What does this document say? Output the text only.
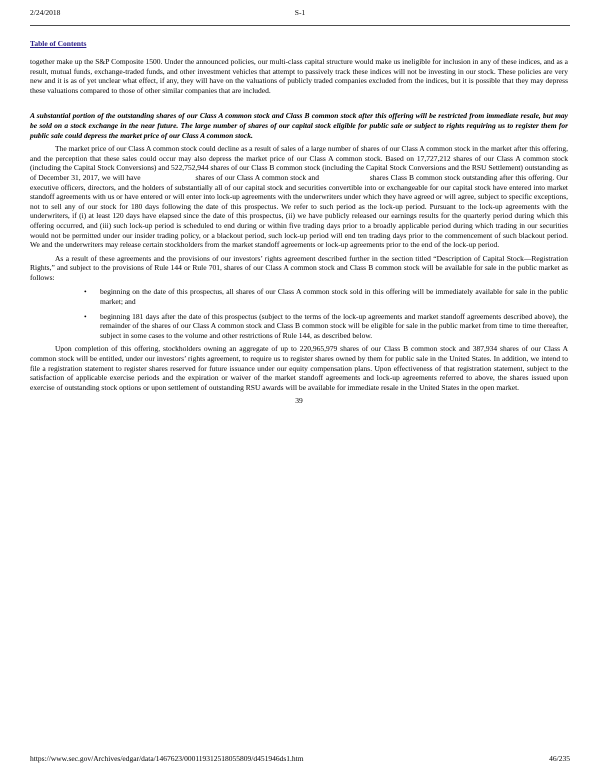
2/24/2018	S-1
Table of Contents

together make up the S&P Composite 1500. Under the announced policies, our multi-class capital structure would make us ineligible for inclusion in any of these indices, and as a result, mutual funds, exchange-traded funds, and other investment vehicles that attempt to passively track these indices will not be investing in our stock. These policies are very new and it is as of yet unclear what effect, if any, they will have on the valuations of publicly traded companies excluded from the indices, but it is possible that they may depress these valuations compared to those of other similar companies that are included.

A substantial portion of the outstanding shares of our Class A common stock and Class B common stock after this offering will be restricted from immediate resale, but may be sold on a stock exchange in the near future. The large number of shares of our capital stock eligible for public sale or subject to rights requiring us to register them for public sale could depress the market price of our Class A common stock.

The market price of our Class A common stock could decline as a result of sales of a large number of shares of our Class A common stock in the market after this offering, and the perception that these sales could occur may also depress the market price of our Class A common stock. Based on 17,727,212 shares of our Class A common stock (including the Capital Stock Conversions) and 522,752,944 shares of our Class B common stock (including the Capital Stock Conversions and the RSU Settlement) outstanding as of December 31, 2017, we will have                          shares of our Class A common stock and                        shares Class B common stock outstanding after this offering. Our executive officers, directors, and the holders of substantially all of our capital stock and securities convertible into or exchangeable for our capital stock have entered into market standoff agreements with us or have entered or will enter into lock-up agreements with the underwriters under which they have agreed or will agree, subject to specific exceptions, not to sell any of our stock for 180 days following the date of this prospectus. We refer to such period as the lock-up period. Pursuant to the lock-up agreements with the underwriters, if (i) at least 120 days have elapsed since the date of this prospectus, (ii) we have publicly released our earnings results for the quarterly period during which this offering occurred, and (iii) such lock-up period is scheduled to end during or within five trading days prior to a broadly applicable period during which trading in our securities would not be permitted under our insider trading policy, or a blackout period, such lock-up period will end ten trading days prior to the commencement of such blackout period. We and the underwriters may release certain stockholders from the market standoff agreements or lock-up agreements prior to the end of the lock-up period.

As a result of these agreements and the provisions of our investors’ rights agreement described further in the section titled “Description of Capital Stock—Registration Rights,” and subject to the provisions of Rule 144 or Rule 701, shares of our Class A common stock and Class B common stock will be available for sale in the public market as follows:

•	beginning on the date of this prospectus, all shares of our Class A common stock sold in this offering will be immediately available for sale in the public market; and
•	beginning 181 days after the date of this prospectus (subject to the terms of the lock-up agreements and market standoff agreements described above), the remainder of the shares of our Class A common stock and Class B common stock will be eligible for sale in the public market from time to time thereafter, subject in some cases to the volume and other restrictions of Rule 144, as described below.

Upon completion of this offering, stockholders owning an aggregate of up to 220,965,979 shares of our Class B common stock and 387,934 shares of our Class A common stock will be entitled, under our investors’ rights agreement, to require us to register shares owned by them for public sale in the United States. In addition, we intend to file a registration statement to register shares reserved for future issuance under our equity compensation plans. Upon effectiveness of that registration statement, subject to the satisfaction of applicable exercise periods and the expiration or waiver of the market standoff agreements and lock-up agreements referred to above, the shares issued upon exercise of outstanding stock options or upon settlement of outstanding RSU awards will be available for immediate resale in the United States in the open market.

39
https://www.sec.gov/Archives/edgar/data/1467623/000119312518055809/d451946ds1.htm	46/235
